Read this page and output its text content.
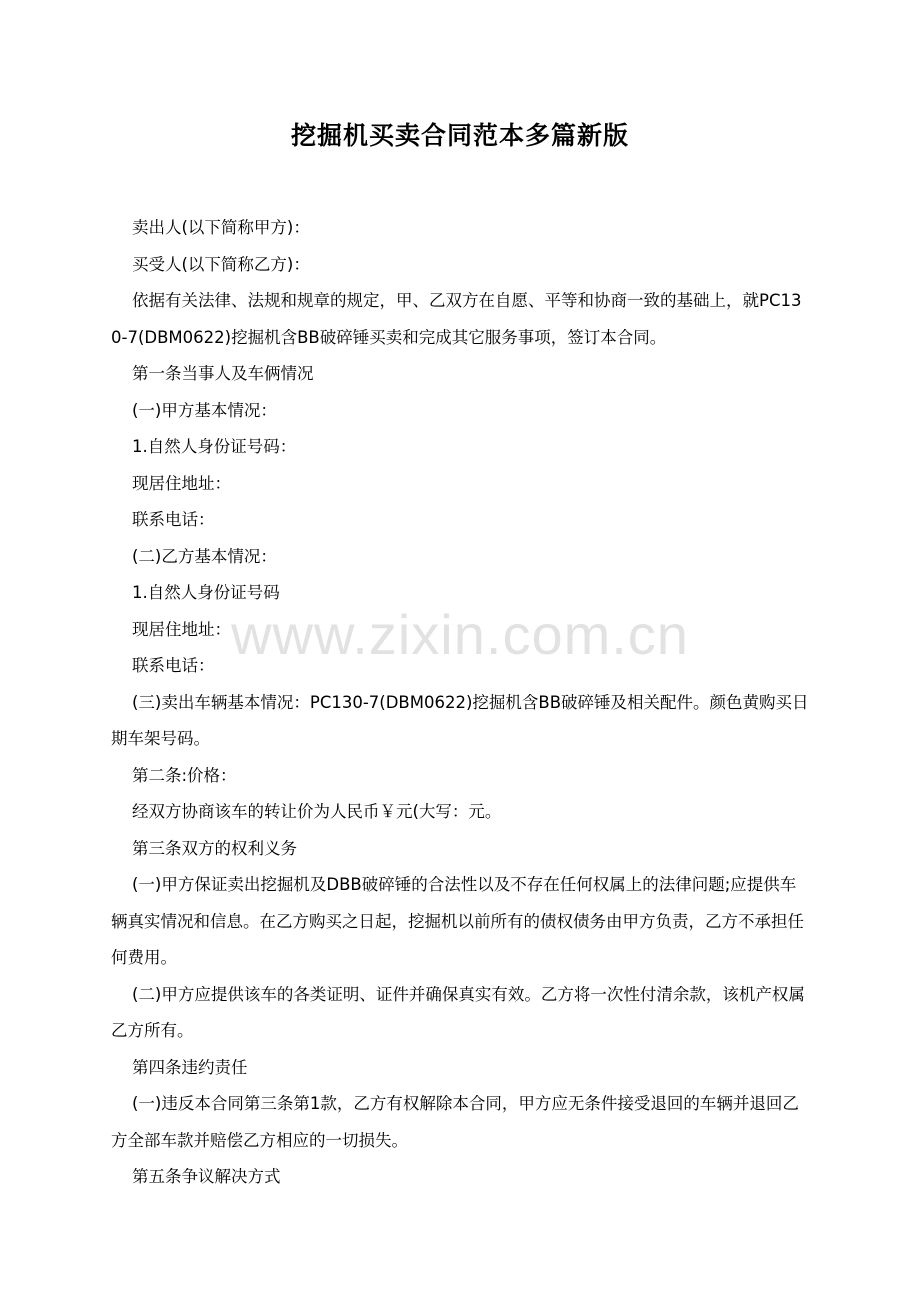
挖掘机买卖合同范本多篇新版

卖出人(以下简称甲方)：

买受人(以下简称乙方)：

依据有关法律、法规和规章的规定，甲、乙双方在自愿、平等和协商一致的基础上，就PC130-7(DBM0622)挖掘机含BB破碎锤买卖和完成其它服务事项，签订本合同。

第一条当事人及车俩情况

(一)甲方基本情况：

1.自然人身份证号码：

现居住地址：

联系电话：

(二)乙方基本情况：

1.自然人身份证号码

现居住地址：

联系电话：

(三)卖出车辆基本情况：PC130-7(DBM0622)挖掘机含BB破碎锤及相关配件。颜色黄购买日期车架号码。

第二条:价格：

经双方协商该车的转让价为人民币￥元(大写：元。

第三条双方的权利义务

(一)甲方保证卖出挖掘机及DBB破碎锤的合法性以及不存在任何权属上的法律问题;应提供车辆真实情况和信息。在乙方购买之日起，挖掘机以前所有的债权债务由甲方负责，乙方不承担任何费用。

(二)甲方应提供该车的各类证明、证件并确保真实有效。乙方将一次性付清余款，该机产权属乙方所有。

第四条违约责任

(一)违反本合同第三条第1款，乙方有权解除本合同，甲方应无条件接受退回的车辆并退回乙方全部车款并赔偿乙方相应的一切损失。

第五条争议解决方式

www.zixin.com.cn
